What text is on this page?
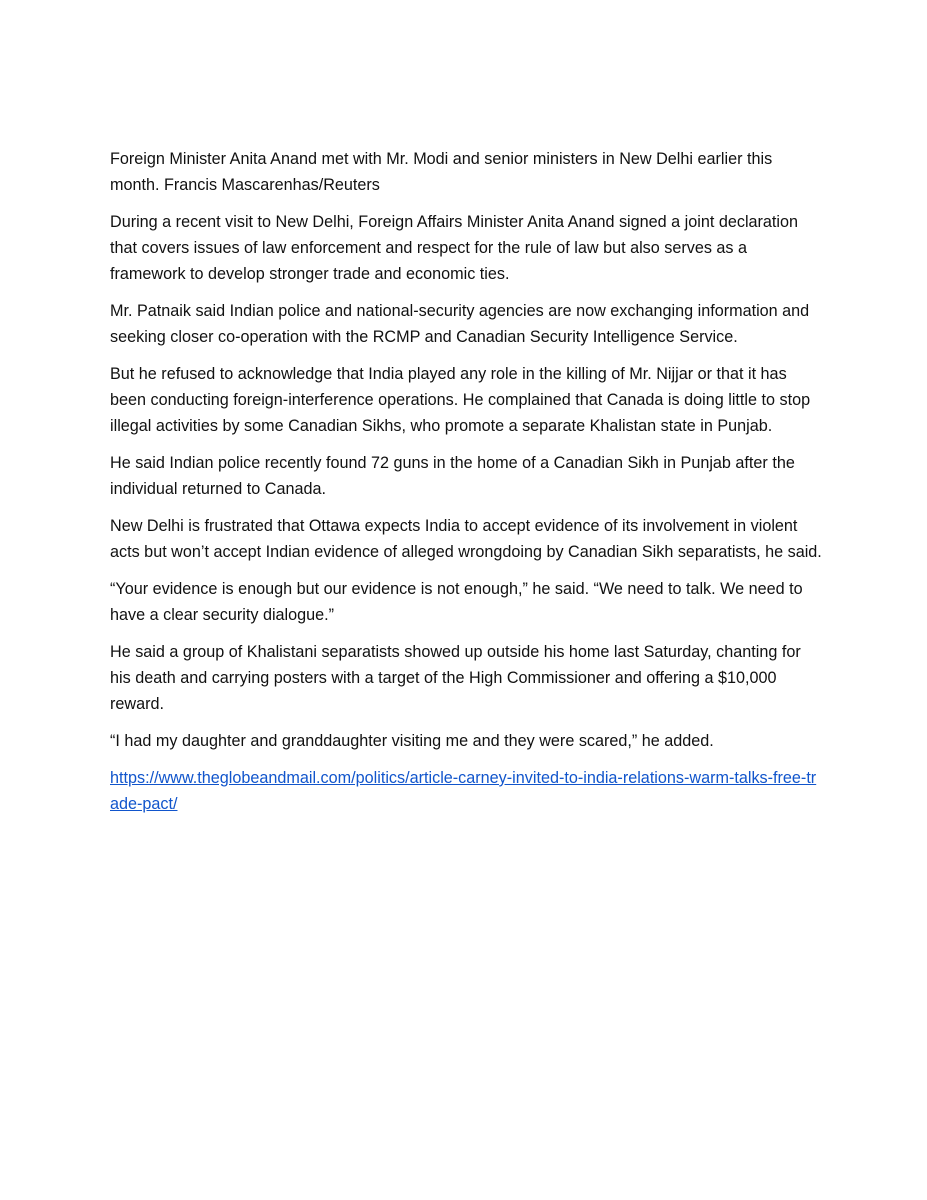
Foreign Minister Anita Anand met with Mr. Modi and senior ministers in New Delhi earlier this month. Francis Mascarenhas/Reuters

During a recent visit to New Delhi, Foreign Affairs Minister Anita Anand signed a joint declaration that covers issues of law enforcement and respect for the rule of law but also serves as a framework to develop stronger trade and economic ties.

Mr. Patnaik said Indian police and national-security agencies are now exchanging information and seeking closer co-operation with the RCMP and Canadian Security Intelligence Service.

But he refused to acknowledge that India played any role in the killing of Mr. Nijjar or that it has been conducting foreign-interference operations. He complained that Canada is doing little to stop illegal activities by some Canadian Sikhs, who promote a separate Khalistan state in Punjab.

He said Indian police recently found 72 guns in the home of a Canadian Sikh in Punjab after the individual returned to Canada.

New Delhi is frustrated that Ottawa expects India to accept evidence of its involvement in violent acts but won’t accept Indian evidence of alleged wrongdoing by Canadian Sikh separatists, he said.

“Your evidence is enough but our evidence is not enough,” he said. “We need to talk. We need to have a clear security dialogue.”

He said a group of Khalistani separatists showed up outside his home last Saturday, chanting for his death and carrying posters with a target of the High Commissioner and offering a $10,000 reward.

“I had my daughter and granddaughter visiting me and they were scared,” he added.

https://www.theglobeandmail.com/politics/article-carney-invited-to-india-relations-warm-talks-free-trade-pact/
